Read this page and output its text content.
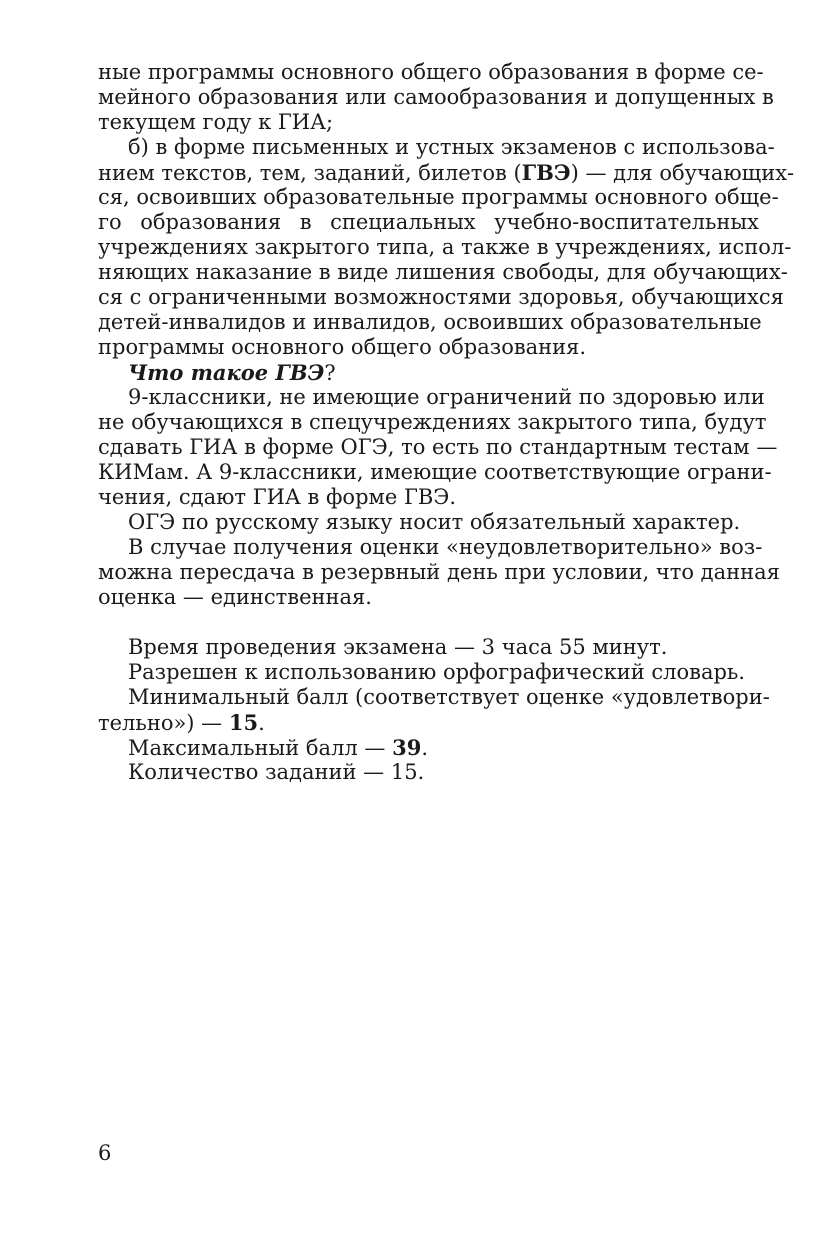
ные программы основного общего образования в форме се-
мейного образования или самообразования и допущенных в
текущем году к ГИА;
б) в форме письменных и устных экзаменов с использова-
нием текстов, тем, заданий, билетов (ГВЭ) — для обучающих-
ся, освоивших образовательные программы основного обще-
го образования в специальных учебно-воспитательных
учреждениях закрытого типа, а также в учреждениях, испол-
няющих наказание в виде лишения свободы, для обучающих-
ся с ограниченными возможностями здоровья, обучающихся
детей-инвалидов и инвалидов, освоивших образовательные
программы основного общего образования.
Что такое ГВЭ?
9-классники, не имеющие ограничений по здоровью или
не обучающихся в спецучреждениях закрытого типа, будут
сдавать ГИА в форме ОГЭ, то есть по стандартным тестам —
КИМам. А 9-классники, имеющие соответствующие ограни-
чения, сдают ГИА в форме ГВЭ.
ОГЭ по русскому языку носит обязательный характер.
В случае получения оценки «неудовлетворительно» воз-
можна пересдача в резервный день при условии, что данная
оценка — единственная.
Время проведения экзамена — 3 часа 55 минут.
Разрешен к использованию орфографический словарь.
Минимальный балл (соответствует оценке «удовлетвори-
тельно») — 15.
Максимальный балл — 39.
Количество заданий — 15.
6
